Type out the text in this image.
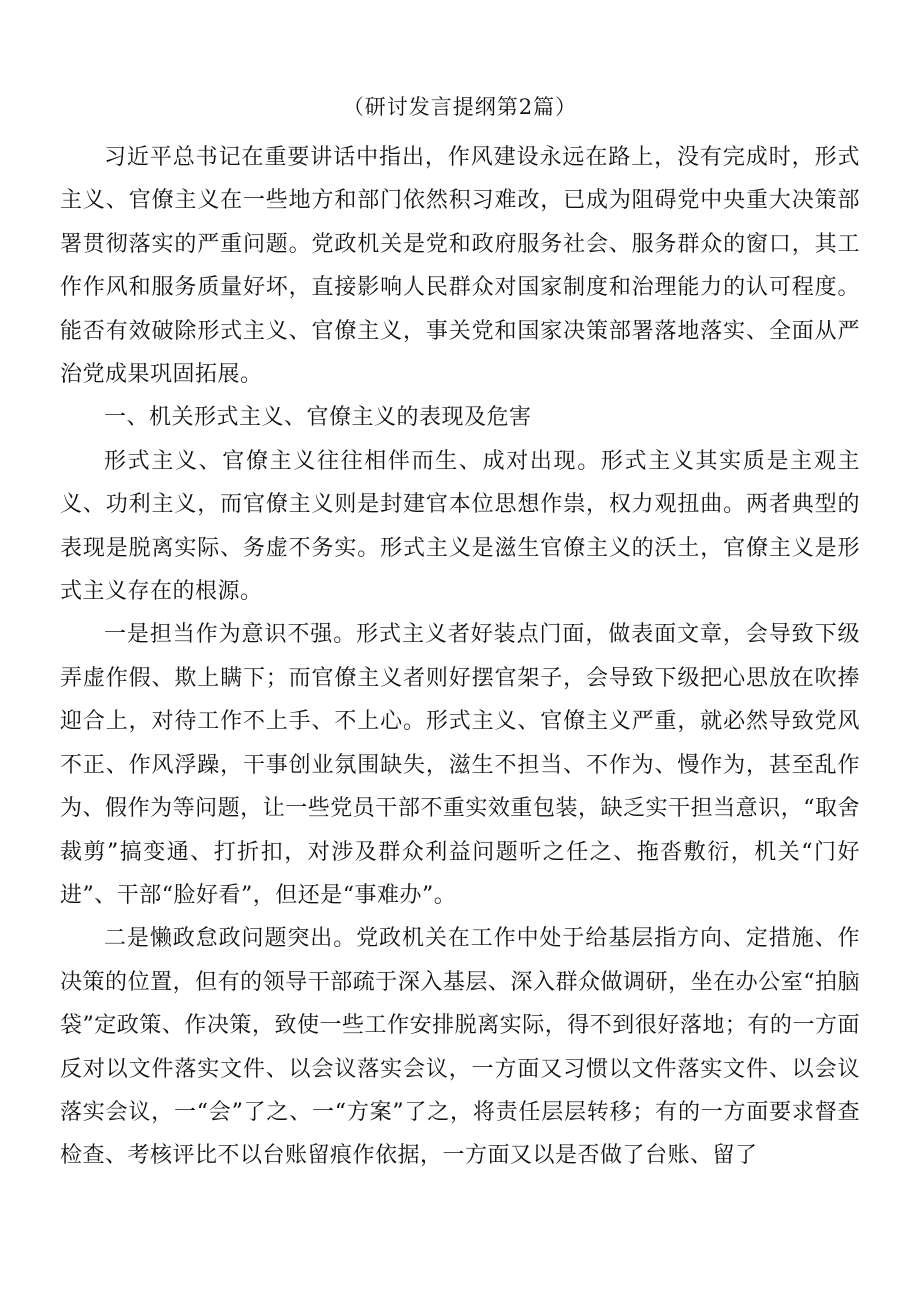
（研讨发言提纲第2篇）

习近平总书记在重要讲话中指出，作风建设永远在路上，没有完成时，形式主义、官僚主义在一些地方和部门依然积习难改，已成为阻碍党中央重大决策部署贯彻落实的严重问题。党政机关是党和政府服务社会、服务群众的窗口，其工作作风和服务质量好坏，直接影响人民群众对国家制度和治理能力的认可程度。能否有效破除形式主义、官僚主义，事关党和国家决策部署落地落实、全面从严治党成果巩固拓展。

一、机关形式主义、官僚主义的表现及危害

形式主义、官僚主义往往相伴而生、成对出现。形式主义其实质是主观主义、功利主义，而官僚主义则是封建官本位思想作祟，权力观扭曲。两者典型的表现是脱离实际、务虚不务实。形式主义是滋生官僚主义的沃土，官僚主义是形式主义存在的根源。

一是担当作为意识不强。形式主义者好装点门面，做表面文章，会导致下级弄虚作假、欺上瞒下；而官僚主义者则好摆官架子，会导致下级把心思放在吹捧迎合上，对待工作不上手、不上心。形式主义、官僚主义严重，就必然导致党风不正、作风浮躁，干事创业氛围缺失，滋生不担当、不作为、慢作为，甚至乱作为、假作为等问题，让一些党员干部不重实效重包装，缺乏实干担当意识，“取舍裁剪”搞变通、打折扣，对涉及群众利益问题听之任之、拖沓敷衍，机关“门好进”、干部“脸好看”，但还是“事难办”。

二是懒政怠政问题突出。党政机关在工作中处于给基层指方向、定措施、作决策的位置，但有的领导干部疏于深入基层、深入群众做调研，坐在办公室“拍脑袋”定政策、作决策，致使一些工作安排脱离实际，得不到很好落地；有的一方面反对以文件落实文件、以会议落实会议，一方面又习惯以文件落实文件、以会议落实会议，一“会”了之、一“方案”了之，将责任层层转移；有的一方面要求督查检查、考核评比不以台账留痕作依据，一方面又以是否做了台账、留了
